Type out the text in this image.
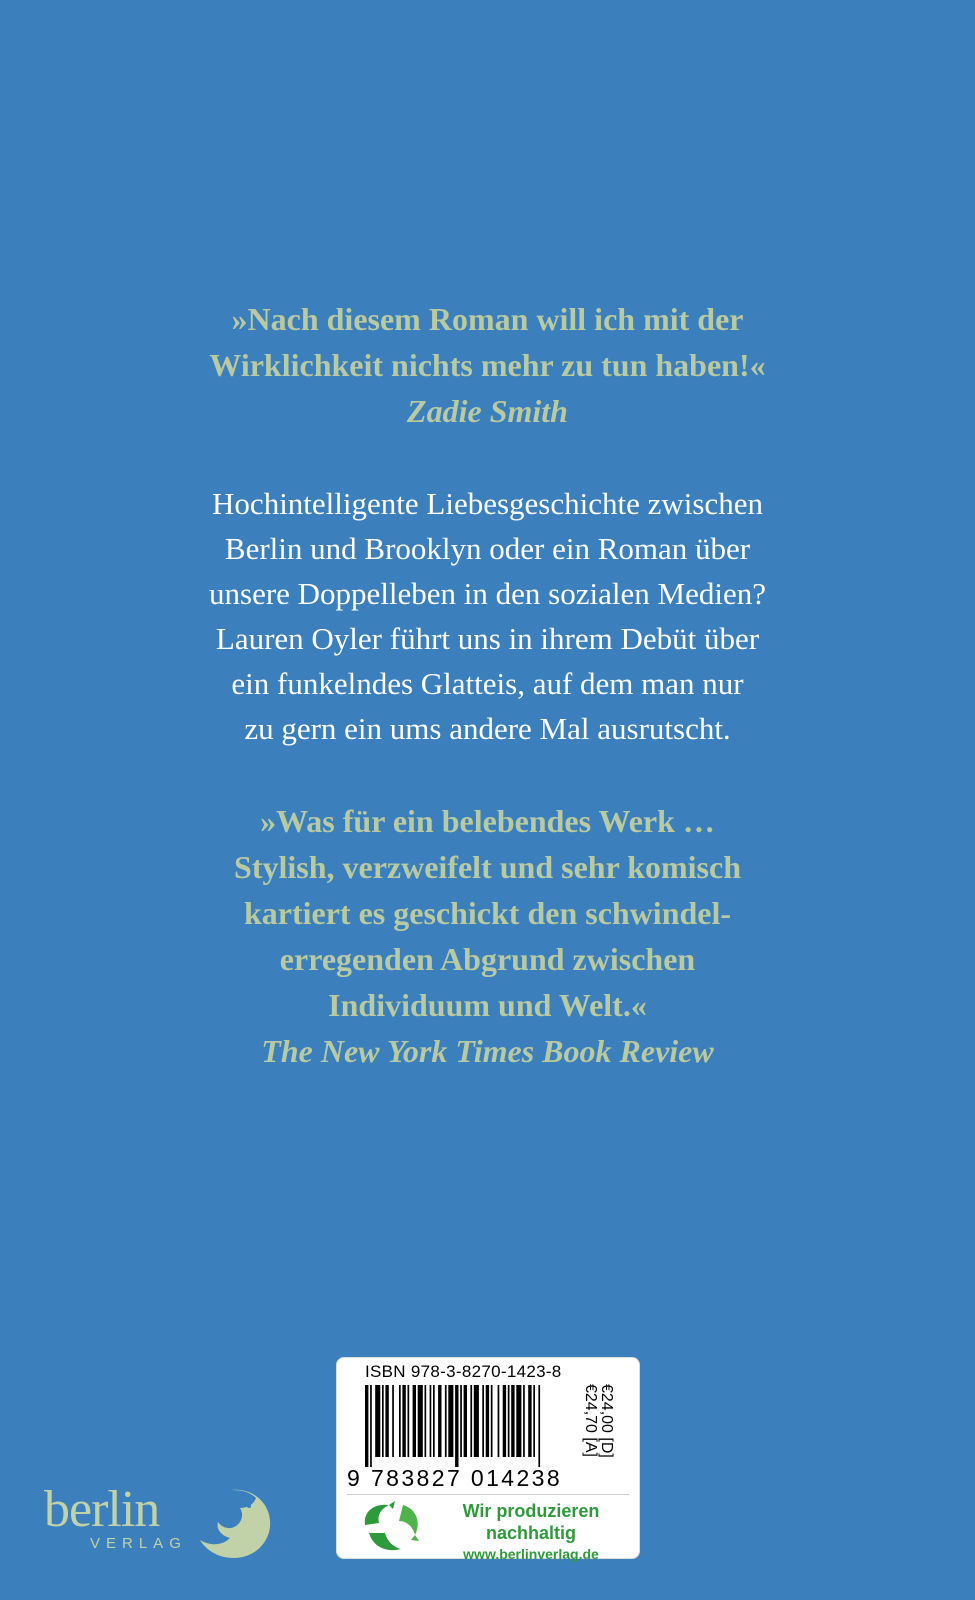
»Nach diesem Roman will ich mit der
Wirklichkeit nichts mehr zu tun haben!«
Zadie Smith
Hochintelligente Liebesgeschichte zwischen
Berlin und Brooklyn oder ein Roman über
unsere Doppelleben in den sozialen Medien?
Lauren Oyler führt uns in ihrem Debüt über
ein funkelndes Glatteis, auf dem man nur
zu gern ein ums andere Mal ausrutscht.
»Was für ein belebendes Werk …
Stylish, verzweifelt und sehr komisch
kartiert es geschickt den schwindel-
erregenden Abgrund zwischen
Individuum und Welt.«
The New York Times Book Review
ISBN 978-3-8270-1423-8
9 783827 014238
€24,00 [D]
€24,70 [A]
Wir produzieren
nachhaltig
www.berlinverlag.de
berlin
VERLAG
